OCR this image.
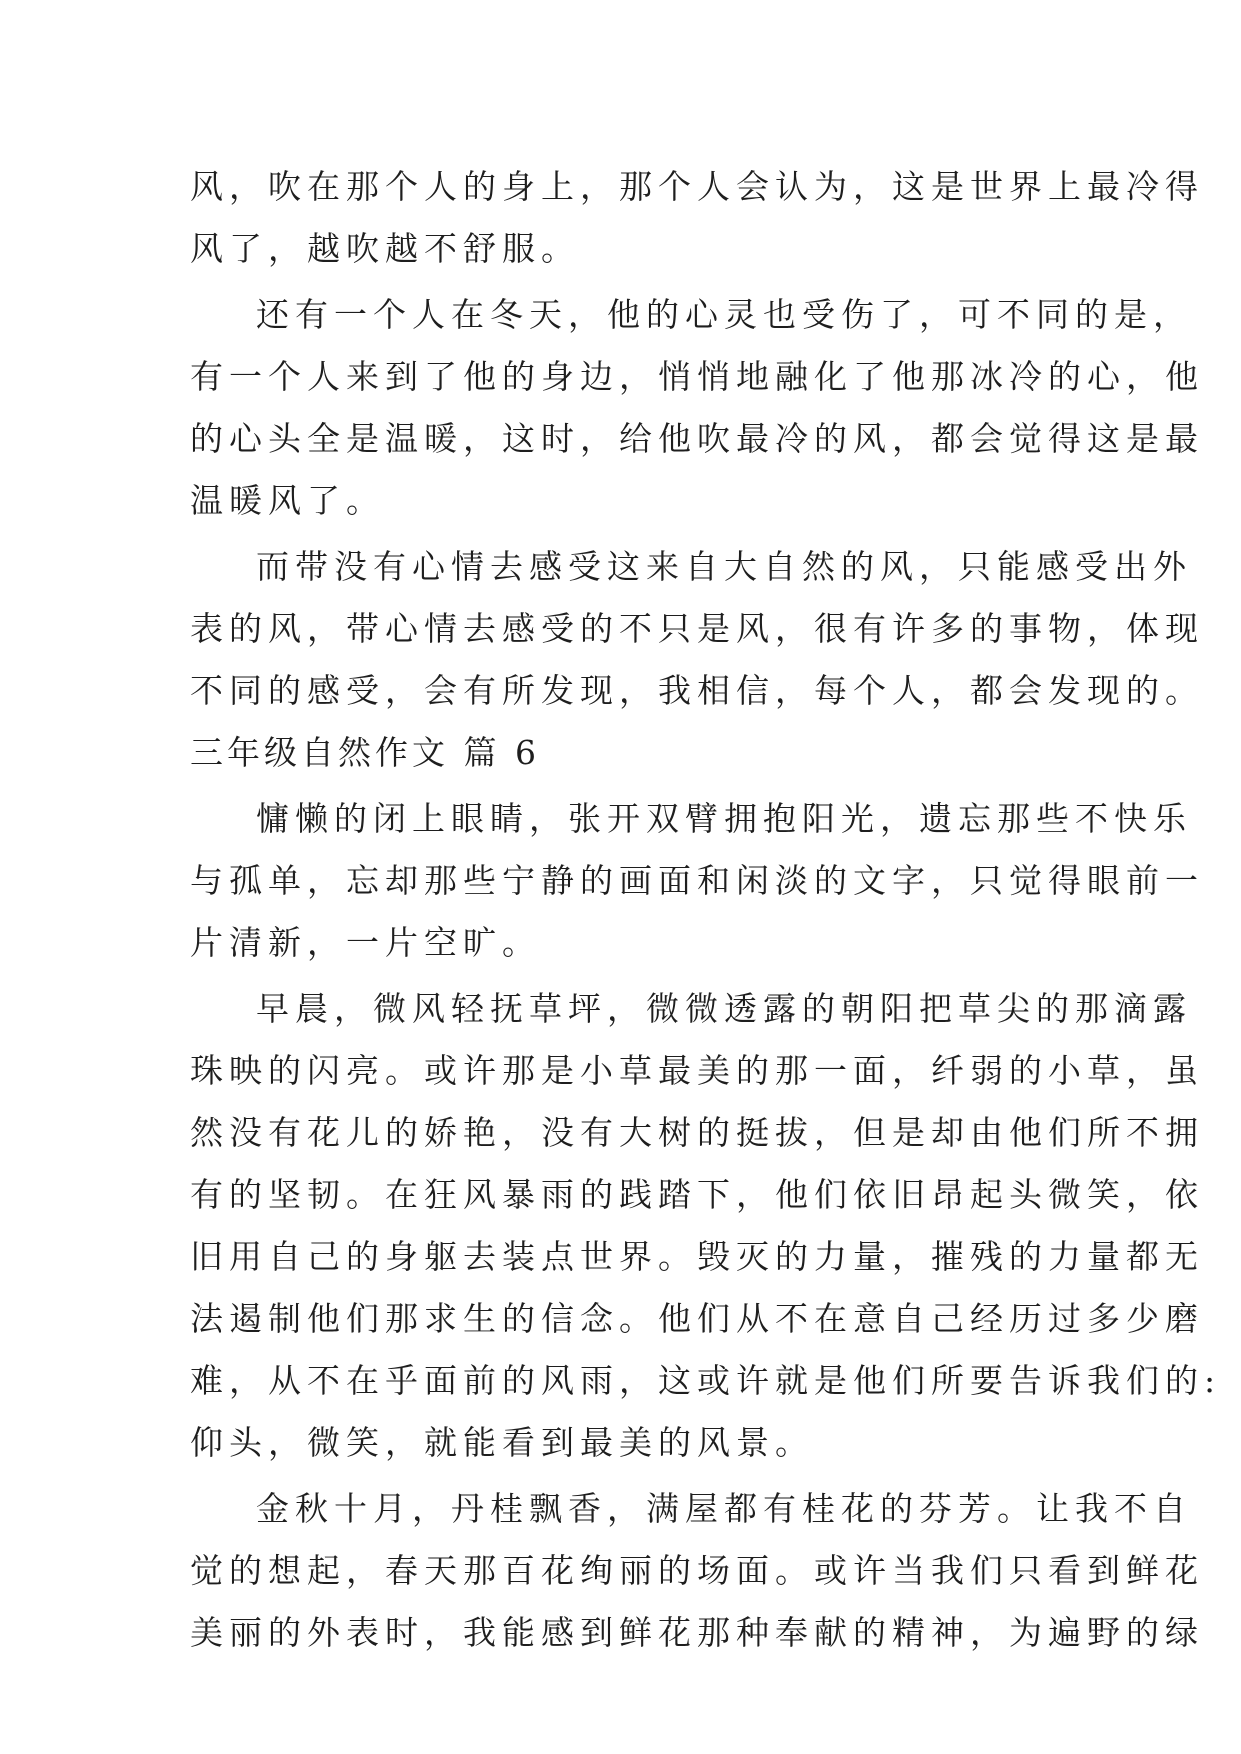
风，吹在那个人的身上，那个人会认为，这是世界上最冷得
风了，越吹越不舒服。
还有一个人在冬天，他的心灵也受伤了，可不同的是，
有一个人来到了他的身边，悄悄地融化了他那冰冷的心，他
的心头全是温暖，这时，给他吹最冷的风，都会觉得这是最
温暖风了。
而带没有心情去感受这来自大自然的风，只能感受出外
表的风，带心情去感受的不只是风，很有许多的事物，体现
不同的感受，会有所发现，我相信，每个人，都会发现的。
三年级自然作文 篇 6
慵懒的闭上眼睛，张开双臂拥抱阳光，遗忘那些不快乐
与孤单，忘却那些宁静的画面和闲淡的文字，只觉得眼前一
片清新，一片空旷。
早晨，微风轻抚草坪，微微透露的朝阳把草尖的那滴露
珠映的闪亮。或许那是小草最美的那一面，纤弱的小草，虽
然没有花儿的娇艳，没有大树的挺拔，但是却由他们所不拥
有的坚韧。在狂风暴雨的践踏下，他们依旧昂起头微笑，依
旧用自己的身躯去装点世界。毁灭的力量，摧残的力量都无
法遏制他们那求生的信念。他们从不在意自己经历过多少磨
难，从不在乎面前的风雨，这或许就是他们所要告诉我们的:
仰头，微笑，就能看到最美的风景。
金秋十月，丹桂飘香，满屋都有桂花的芬芳。让我不自
觉的想起，春天那百花绚丽的场面。或许当我们只看到鲜花
美丽的外表时，我能感到鲜花那种奉献的精神，为遍野的绿
